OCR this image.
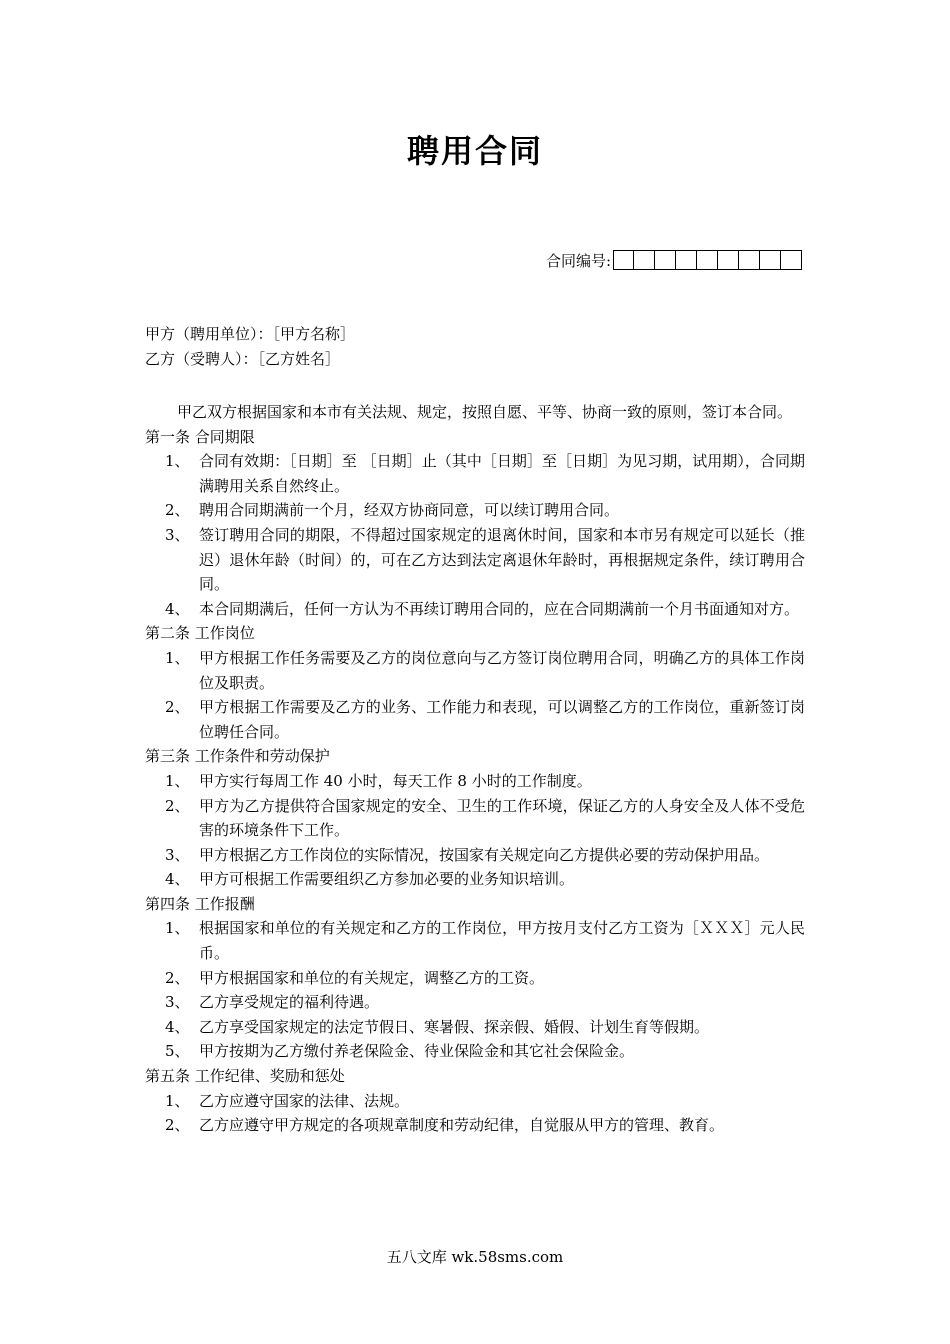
聘用合同
合同编号:
甲方（聘用单位）：［甲方名称］
乙方（受聘人）：［乙方姓名］
甲乙双方根据国家和本市有关法规、规定，按照自愿、平等、协商一致的原则，签订本合同。
第一条 合同期限
1、 合同有效期：［日期］至 ［日期］止（其中［日期］至［日期］为见习期，试用期），合同期满聘用关系自然终止。
2、 聘用合同期满前一个月，经双方协商同意，可以续订聘用合同。
3、 签订聘用合同的期限，不得超过国家规定的退离休时间，国家和本市另有规定可以延长（推迟）退休年龄（时间）的，可在乙方达到法定离退休年龄时，再根据规定条件，续订聘用合同。
4、 本合同期满后，任何一方认为不再续订聘用合同的，应在合同期满前一个月书面通知对方。
第二条 工作岗位
1、 甲方根据工作任务需要及乙方的岗位意向与乙方签订岗位聘用合同，明确乙方的具体工作岗位及职责。
2、 甲方根据工作需要及乙方的业务、工作能力和表现，可以调整乙方的工作岗位，重新签订岗位聘任合同。
第三条 工作条件和劳动保护
1、 甲方实行每周工作 40 小时，每天工作 8 小时的工作制度。
2、 甲方为乙方提供符合国家规定的安全、卫生的工作环境，保证乙方的人身安全及人体不受危害的环境条件下工作。
3、 甲方根据乙方工作岗位的实际情况，按国家有关规定向乙方提供必要的劳动保护用品。
4、 甲方可根据工作需要组织乙方参加必要的业务知识培训。
第四条 工作报酬
1、 根据国家和单位的有关规定和乙方的工作岗位，甲方按月支付乙方工资为［ＸＸＸ］元人民币。
2、 甲方根据国家和单位的有关规定，调整乙方的工资。
3、 乙方享受规定的福利待遇。
4、 乙方享受国家规定的法定节假日、寒暑假、探亲假、婚假、计划生育等假期。
5、 甲方按期为乙方缴付养老保险金、待业保险金和其它社会保险金。
第五条 工作纪律、奖励和惩处
1、 乙方应遵守国家的法律、法规。
2、 乙方应遵守甲方规定的各项规章制度和劳动纪律，自觉服从甲方的管理、教育。
五八文库 wk.58sms.com
